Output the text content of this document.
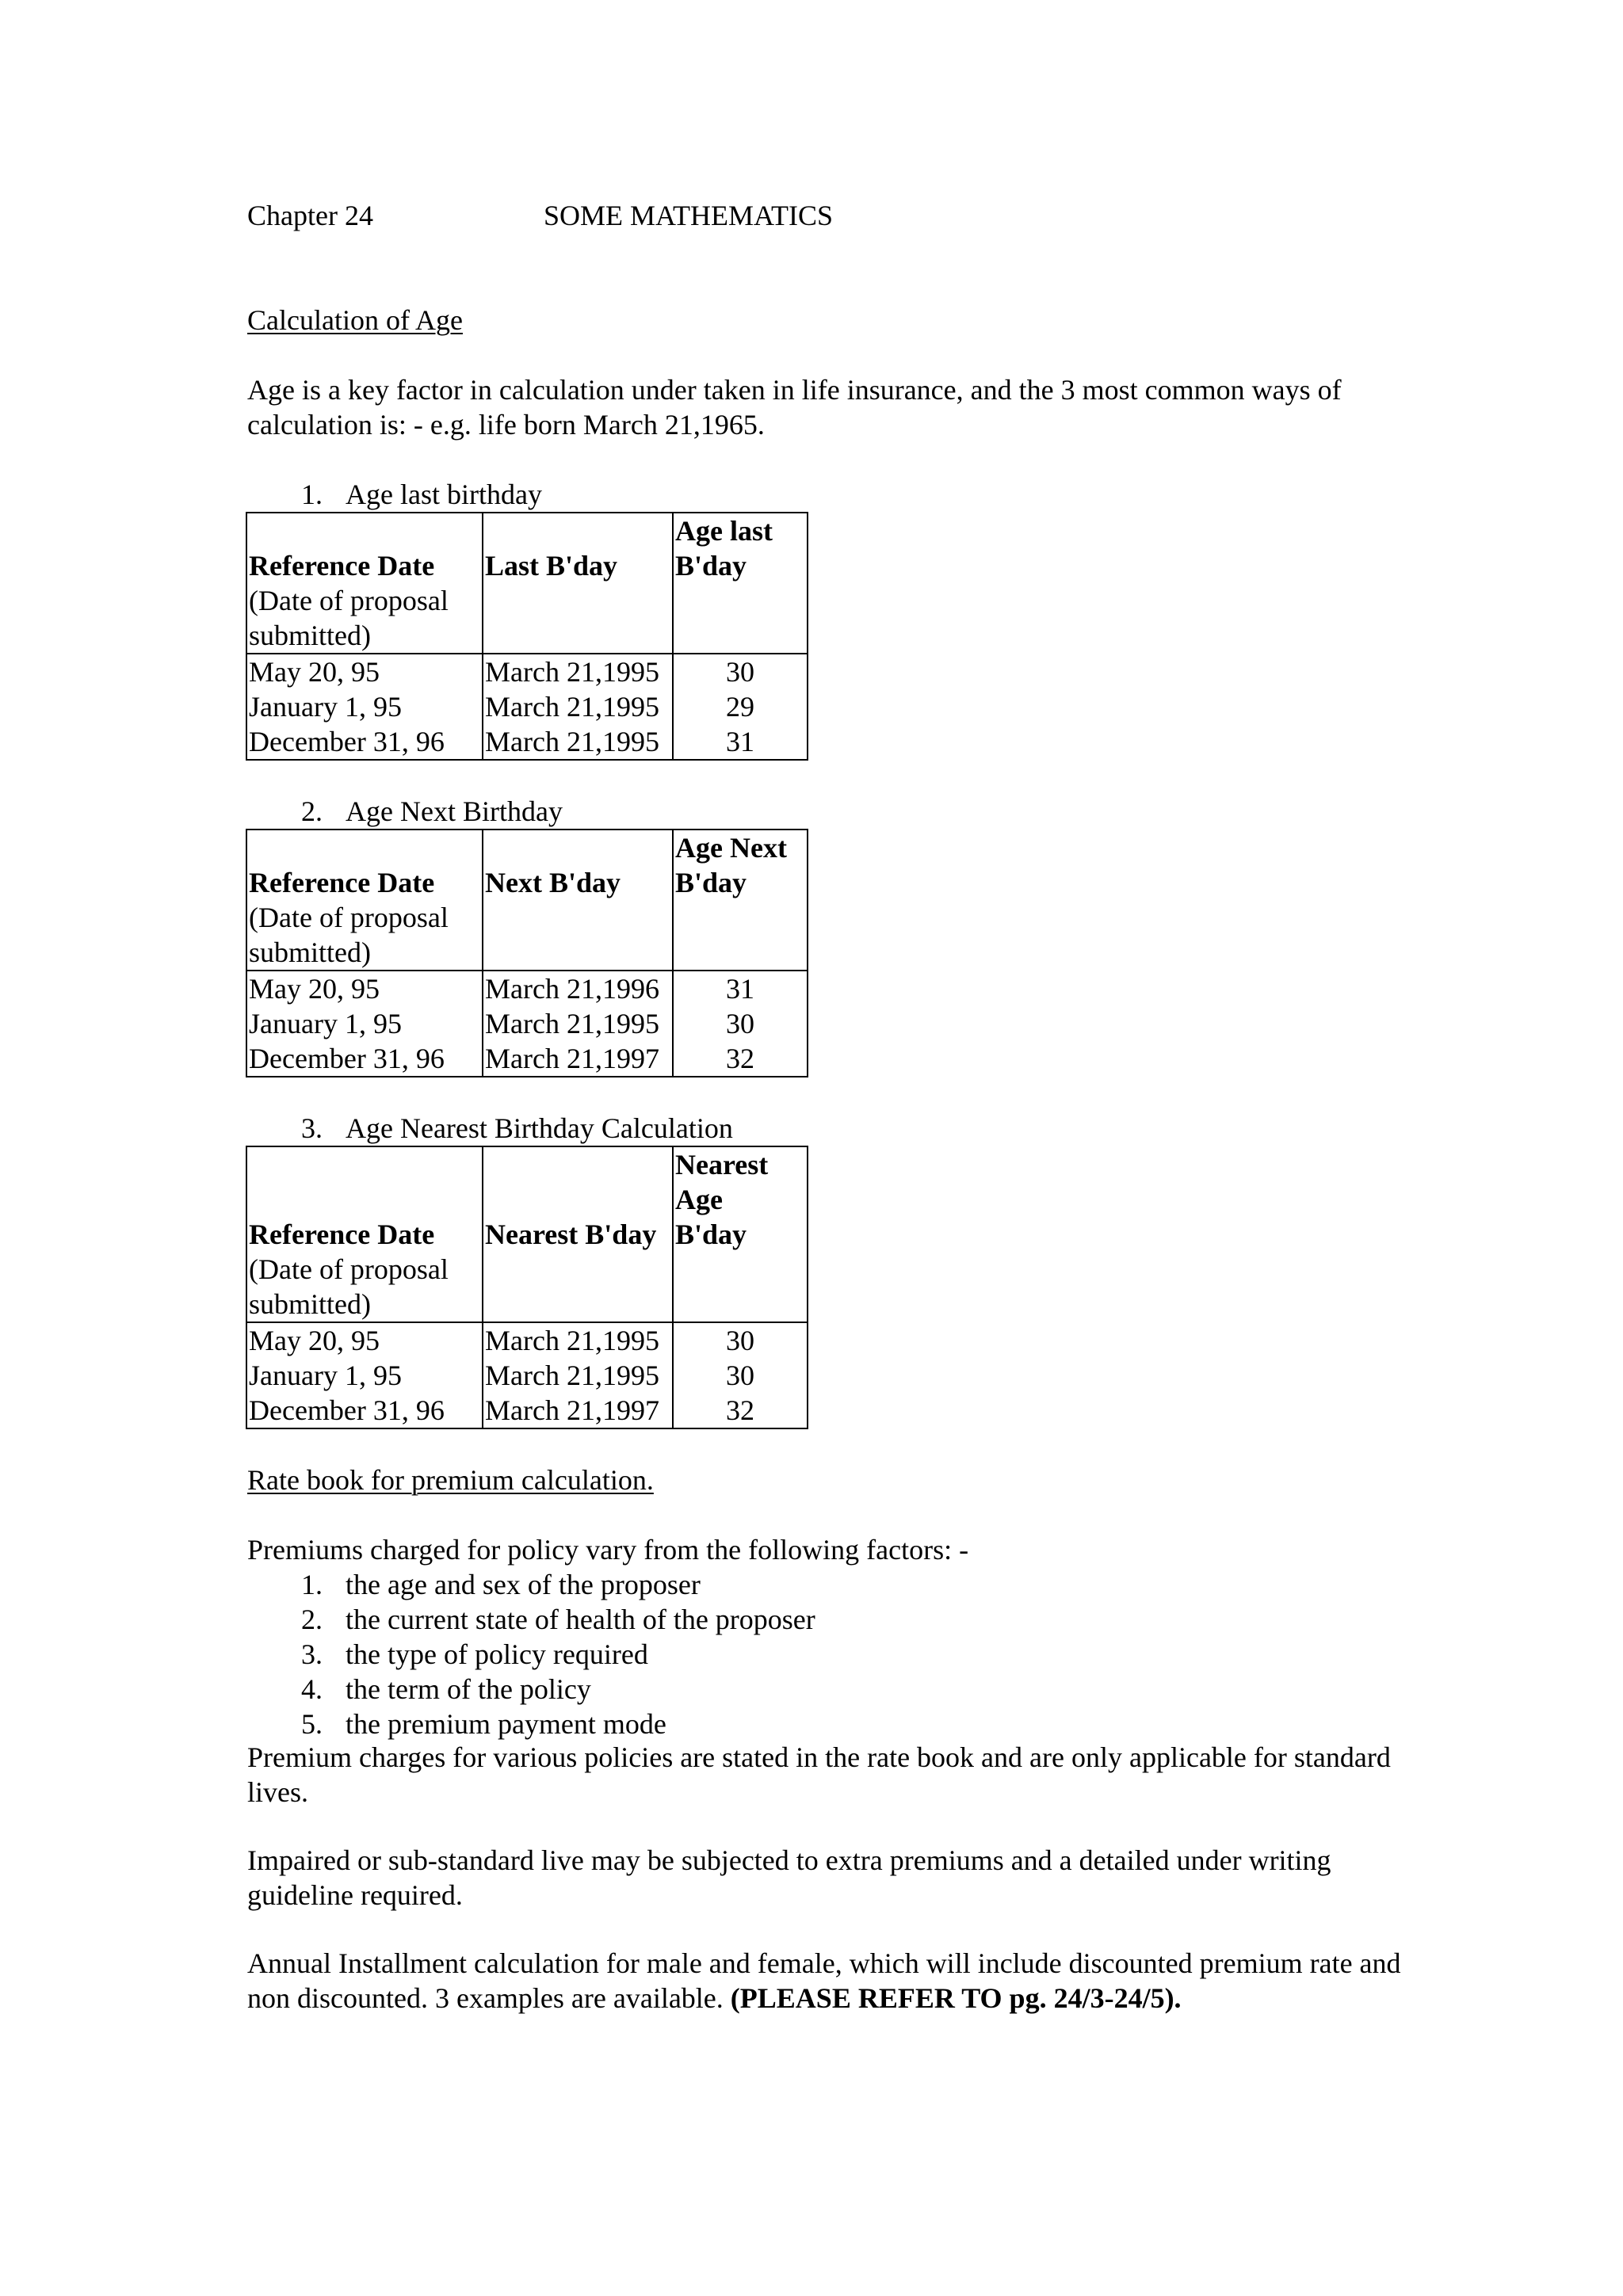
Chapter 24	SOME MATHEMATICS
Calculation of Age
Age is a key factor in calculation under taken in life insurance, and the 3 most common ways of calculation is: - e.g. life born March 21,1965.
1. Age last birthday
Reference Date
(Date of proposal submitted)	Last B'day	Age last B'day

May 20, 95	March 21,1995	30
January 1, 95	March 21,1995	29
December 31, 96	March 21,1995	31
2. Age Next Birthday
Reference Date
(Date of proposal submitted)	Next B'day	Age Next B'day

May 20, 95	March 21,1996	31
January 1, 95	March 21,1995	30
December 31, 96	March 21,1997	32
3. Age Nearest Birthday Calculation
Reference Date
(Date of proposal submitted)	Nearest B'day	Nearest Age B'day

May 20, 95	March 21,1995	30
January 1, 95	March 21,1995	30
December 31, 96	March 21,1997	32
Rate book for premium calculation.
Premiums charged for policy vary from the following factors: -
1. the age and sex of the proposer
2. the current state of health of the proposer
3. the type of policy required
4. the term of the policy
5. the premium payment mode
Premium charges for various policies are stated in the rate book and are only applicable for standard lives.
Impaired or sub-standard live may be subjected to extra premiums and a detailed under writing guideline required.
Annual Installment calculation for male and female, which will include discounted premium rate and non discounted. 3 examples are available. (PLEASE REFER TO pg. 24/3-24/5).
